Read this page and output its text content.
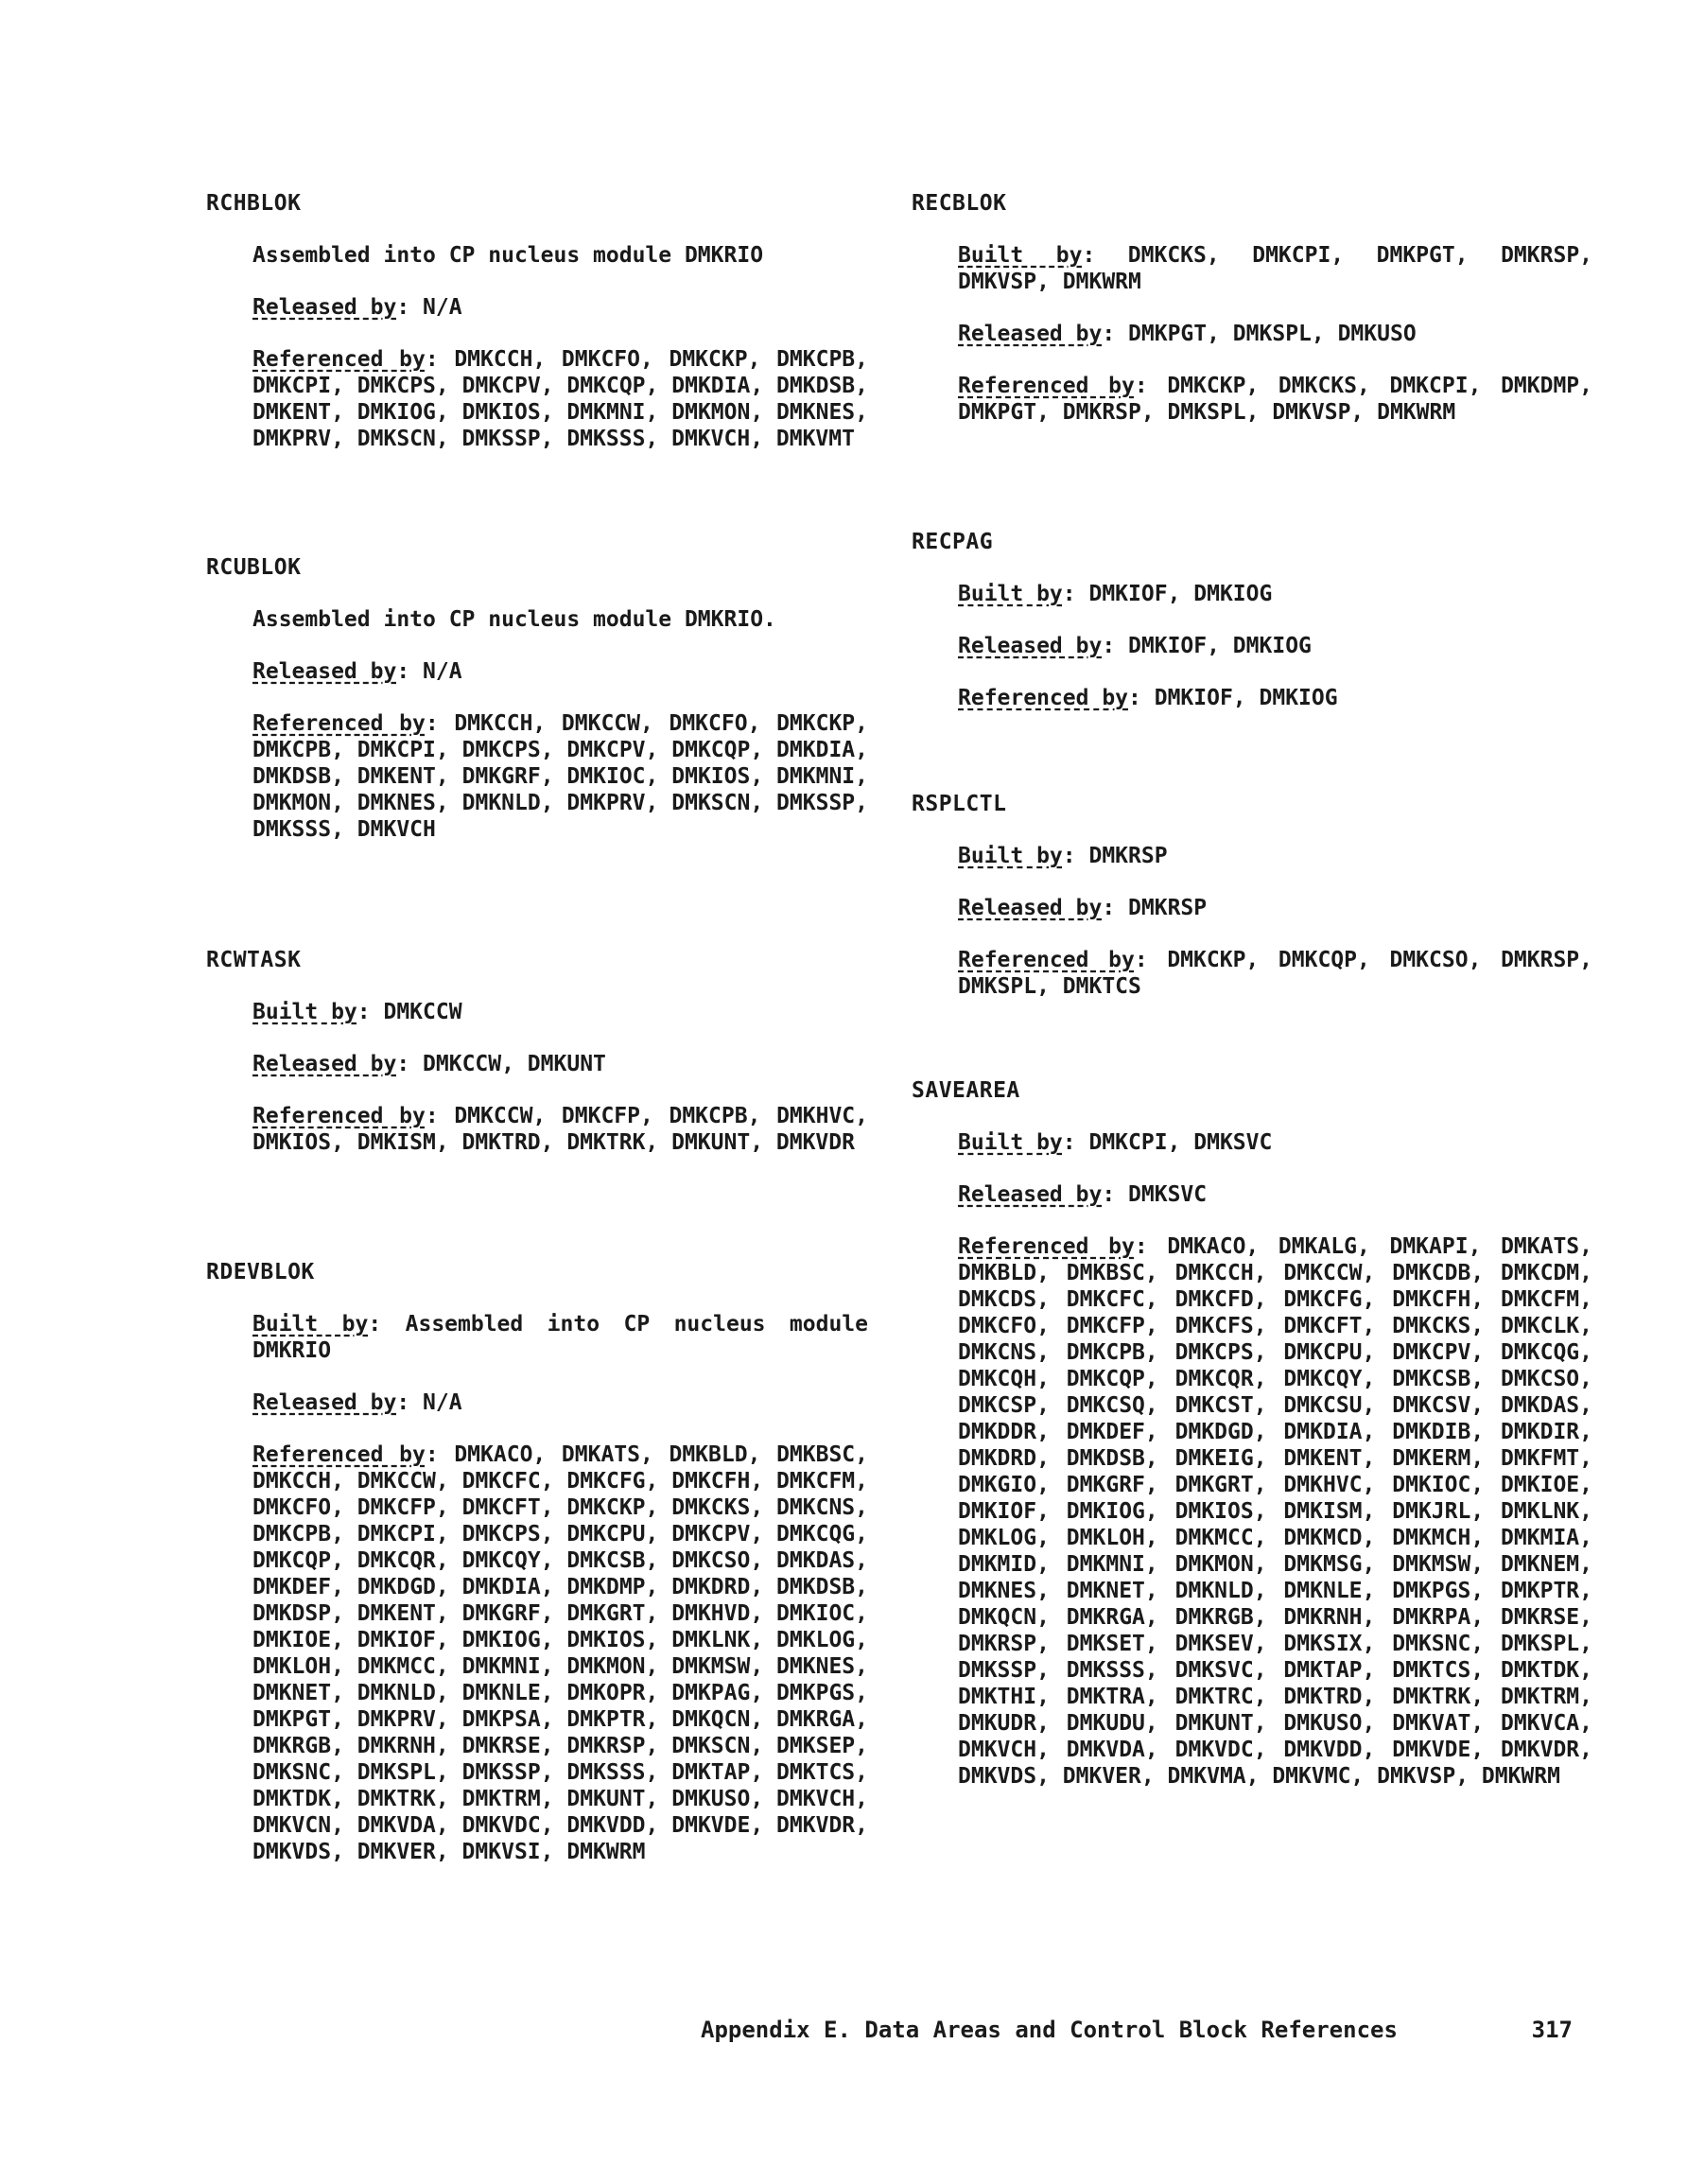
RCHBLOK

Assembled into CP nucleus module DMKRIO

Released by: N/A

Referenced by: DMKCCH, DMKCFO, DMKCKP, DMKCPB, DMKCPI, DMKCPS, DMKCPV, DMKCQP, DMKDIA, DMKDSB, DMKENT, DMKIOG, DMKIOS, DMKMNI, DMKMON, DMKNES, DMKPRV, DMKSCN, DMKSSP, DMKSSS, DMKVCH, DMKVMT

RCUBLOK

Assembled into CP nucleus module DMKRIO.

Released by: N/A

Referenced by: DMKCCH, DMKCCW, DMKCFO, DMKCKP, DMKCPB, DMKCPI, DMKCPS, DMKCPV, DMKCQP, DMKDIA, DMKDSB, DMKENT, DMKGRF, DMKIOC, DMKIOS, DMKMNI, DMKMON, DMKNES, DMKNLD, DMKPRV, DMKSCN, DMKSSP, DMKSSS, DMKVCH

RCWTASK

Built by: DMKCCW

Released by: DMKCCW, DMKUNT

Referenced by: DMKCCW, DMKCFP, DMKCPB, DMKHVC, DMKIOS, DMKISM, DMKTRD, DMKTRK, DMKUNT, DMKVDR

RDEVBLOK

Built by: Assembled into CP nucleus module DMKRIO

Released by: N/A

Referenced by: DMKACO, DMKATS, DMKBLD, DMKBSC, DMKCCH, DMKCCW, DMKCFC, DMKCFG, DMKCFH, DMKCFM, DMKCFO, DMKCFP, DMKCFT, DMKCKP, DMKCKS, DMKCNS, DMKCPB, DMKCPI, DMKCPS, DMKCPU, DMKCPV, DMKCQG, DMKCQP, DMKCQR, DMKCQY, DMKCSB, DMKCSO, DMKDAS, DMKDEF, DMKDGD, DMKDIA, DMKDMP, DMKDRD, DMKDSB, DMKDSP, DMKENT, DMKGRF, DMKGRT, DMKHVD, DMKIOC, DMKIOE, DMKIOF, DMKIOG, DMKIOS, DMKLNK, DMKLOG, DMKLOH, DMKMCC, DMKMNI, DMKMON, DMKMSW, DMKNES, DMKNET, DMKNLD, DMKNLE, DMKOPR, DMKPAG, DMKPGS, DMKPGT, DMKPRV, DMKPSA, DMKPTR, DMKQCN, DMKRGA, DMKRGB, DMKRNH, DMKRSE, DMKRSP, DMKSCN, DMKSEP, DMKSNC, DMKSPL, DMKSSP, DMKSSS, DMKTAP, DMKTCS, DMKTDK, DMKTRK, DMKTRM, DMKUNT, DMKUSO, DMKVCH, DMKVCN, DMKVDA, DMKVDC, DMKVDD, DMKVDE, DMKVDR, DMKVDS, DMKVER, DMKVSI, DMKWRM

RECBLOK

Built by: DMKCKS, DMKCPI, DMKPGT, DMKRSP, DMKVSP, DMKWRM

Released by: DMKPGT, DMKSPL, DMKUSO

Referenced by: DMKCKP, DMKCKS, DMKCPI, DMKDMP, DMKPGT, DMKRSP, DMKSPL, DMKVSP, DMKWRM

RECPAG

Built by: DMKIOF, DMKIOG

Released by: DMKIOF, DMKIOG

Referenced by: DMKIOF, DMKIOG

RSPLCTL

Built by: DMKRSP

Released by: DMKRSP

Referenced by: DMKCKP, DMKCQP, DMKCSO, DMKRSP, DMKSPL, DMKTCS

SAVEAREA

Built by: DMKCPI, DMKSVC

Released by: DMKSVC

Referenced by: DMKACO, DMKALG, DMKAPI, DMKATS, DMKBLD, DMKBSC, DMKCCH, DMKCCW, DMKCDB, DMKCDM, DMKCDS, DMKCFC, DMKCFD, DMKCFG, DMKCFH, DMKCFM, DMKCFO, DMKCFP, DMKCFS, DMKCFT, DMKCKS, DMKCLK, DMKCNS, DMKCPB, DMKCPS, DMKCPU, DMKCPV, DMKCQG, DMKCQH, DMKCQP, DMKCQR, DMKCQY, DMKCSB, DMKCSO, DMKCSP, DMKCSQ, DMKCST, DMKCSU, DMKCSV, DMKDAS, DMKDDR, DMKDEF, DMKDGD, DMKDIA, DMKDIB, DMKDIR, DMKDRD, DMKDSB, DMKEIG, DMKENT, DMKERM, DMKFMT, DMKGIO, DMKGRF, DMKGRT, DMKHVC, DMKIOC, DMKIOE, DMKIOF, DMKIOG, DMKIOS, DMKISM, DMKJRL, DMKLNK, DMKLOG, DMKLOH, DMKMCC, DMKMCD, DMKMCH, DMKMIA, DMKMID, DMKMNI, DMKMON, DMKMSG, DMKMSW, DMKNEM, DMKNES, DMKNET, DMKNLD, DMKNLE, DMKPGS, DMKPTR, DMKQCN, DMKRGA, DMKRGB, DMKRNH, DMKRPA, DMKRSE, DMKRSP, DMKSET, DMKSEV, DMKSIX, DMKSNC, DMKSPL, DMKSSP, DMKSSS, DMKSVC, DMKTAP, DMKTCS, DMKTDK, DMKTHI, DMKTRA, DMKTRC, DMKTRD, DMKTRK, DMKTRM, DMKUDR, DMKUDU, DMKUNT, DMKUSO, DMKVAT, DMKVCA, DMKVCH, DMKVDA, DMKVDC, DMKVDD, DMKVDE, DMKVDR, DMKVDS, DMKVER, DMKVMA, DMKVMC, DMKVSP, DMKWRM

Appendix E. Data Areas and Control Block References	317
